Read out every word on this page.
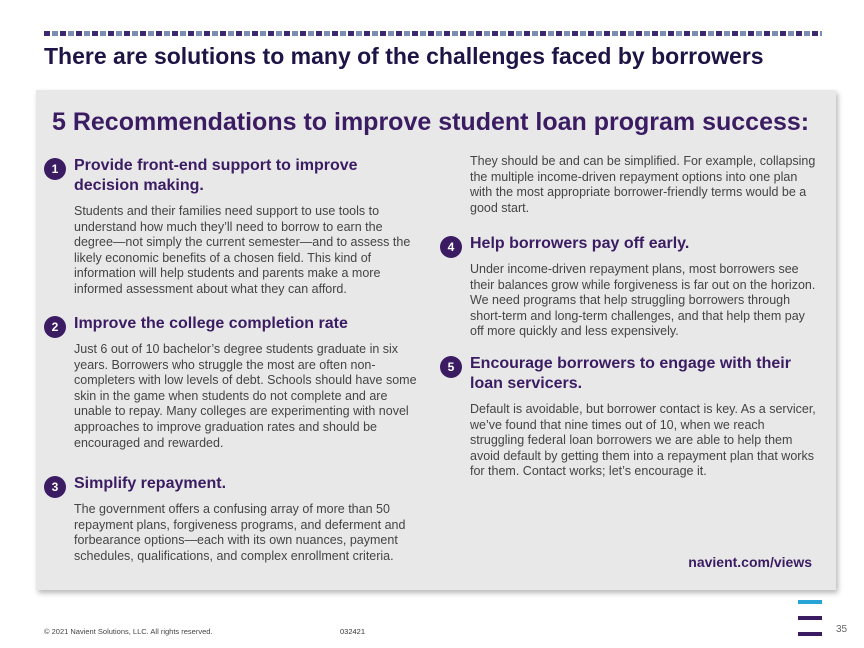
There are solutions to many of the challenges faced by borrowers
5 Recommendations to improve student loan program success:
1 Provide front-end support to improve decision making.
Students and their families need support to use tools to understand how much they’ll need to borrow to earn the degree—not simply the current semester—and to assess the likely economic benefits of a chosen field. This kind of information will help students and parents make a more informed assessment about what they can afford.
2 Improve the college completion rate
Just 6 out of 10 bachelor’s degree students graduate in six years. Borrowers who struggle the most are often non-completers with low levels of debt. Schools should have some skin in the game when students do not complete and are unable to repay. Many colleges are experimenting with novel approaches to improve graduation rates and should be encouraged and rewarded.
3 Simplify repayment.
The government offers a confusing array of more than 50 repayment plans, forgiveness programs, and deferment and forbearance options—each with its own nuances, payment schedules, qualifications, and complex enrollment criteria.
They should be and can be simplified. For example, collapsing the multiple income-driven repayment options into one plan with the most appropriate borrower-friendly terms would be a good start.
4 Help borrowers pay off early.
Under income-driven repayment plans, most borrowers see their balances grow while forgiveness is far out on the horizon. We need programs that help struggling borrowers through short-term and long-term challenges, and that help them pay off more quickly and less expensively.
5 Encourage borrowers to engage with their loan servicers.
Default is avoidable, but borrower contact is key. As a servicer, we’ve found that nine times out of 10, when we reach struggling federal loan borrowers we are able to help them avoid default by getting them into a repayment plan that works for them. Contact works; let’s encourage it.
navient.com/views
© 2021 Navient Solutions, LLC. All rights reserved.	032421	35
